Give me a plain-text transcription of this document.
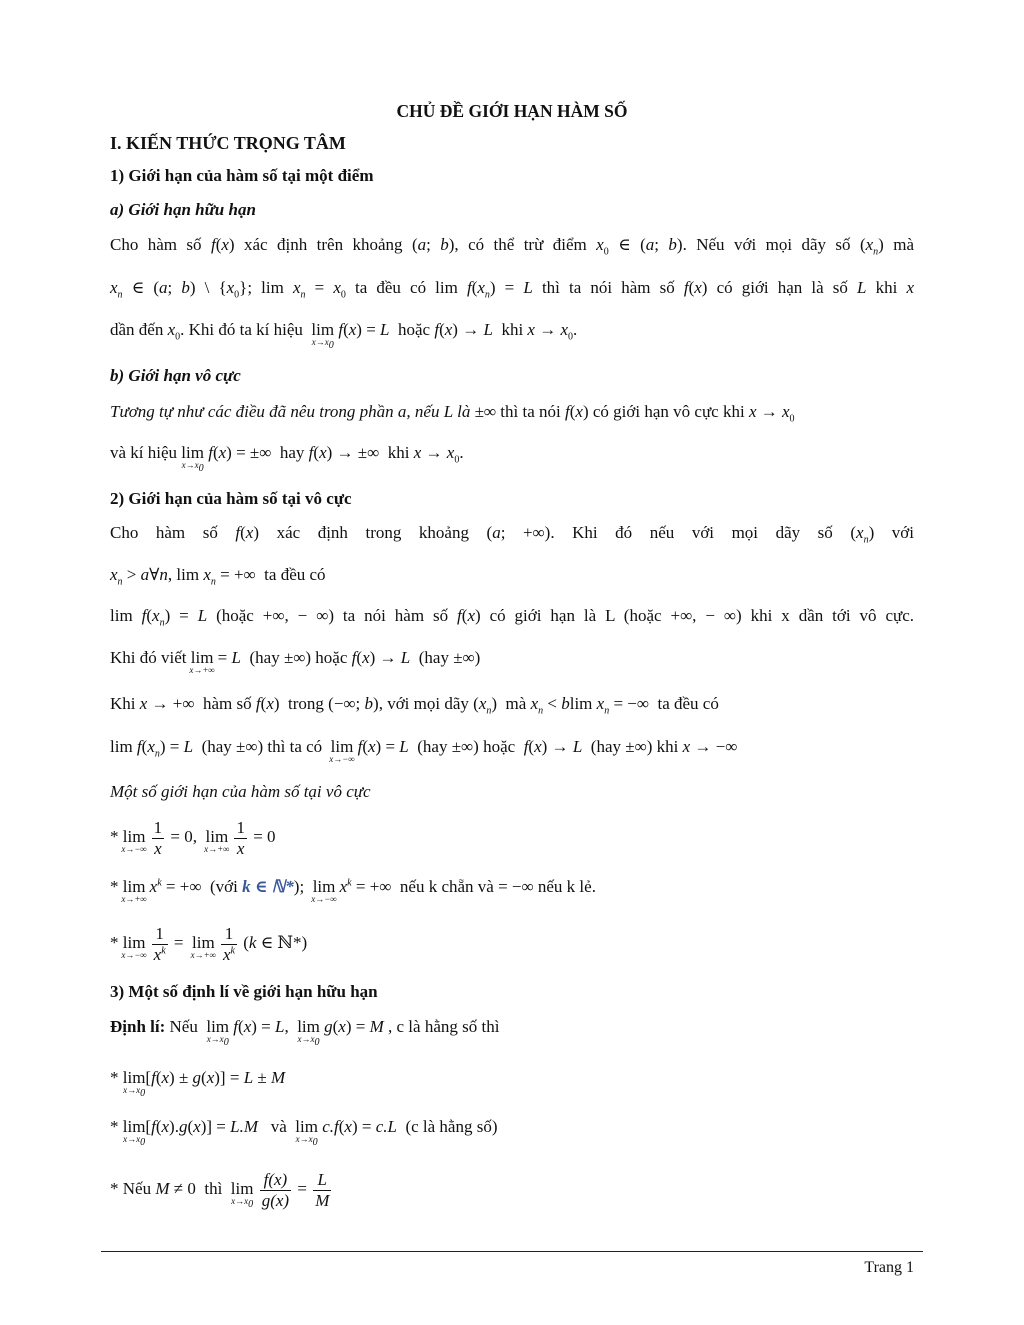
CHỦ ĐỀ GIỚI HẠN HÀM SỐ
I. KIẾN THỨC TRỌNG TÂM
1) Giới hạn của hàm số tại một điểm
a) Giới hạn hữu hạn
Cho hàm số f(x) xác định trên khoảng (a; b), có thể trừ điểm $x_0$ ∈ (a; b). Nếu với mọi dãy số $(x_n)$ mà
$x_n$ ∈ (a; b) \ $\{x_0\}$; $\lim x_n = x_0$ ta đều có $\lim f(x_n) = L$ thì ta nói hàm số f(x) có giới hạn là số L khi x
dần đến $x_0$. Khi đó ta kí hiệu lim
$x\to x_0$
f(x) = L hoặc f(x) → L khi $x \to x_0$.
b) Giới hạn vô cực
Tương tự như các điều đã nêu trong phần a, nếu L là ±∞ thì ta nói f(x) có giới hạn vô cực khi $x \to x_0$
và kí hiệu lim
$x\to x_0$
f(x) = ±∞  hay f(x) → ±∞  khi $x \to x_0$.
2) Giới hạn của hàm số tại vô cực
Cho hàm số f(x) xác định trong khoảng (a; +∞). Khi đó nếu với mọi dãy số $(x_n)$ với
$x_n$ > a∀n, $\lim x_n$ = +∞  ta đều có
$\lim f(x_n) = L$ (hoặc +∞, − ∞) ta nói hàm số f(x) có giới hạn là L (hoặc +∞, − ∞) khi x dần tới vô cực.
Khi đó viết lim
x→+∞
= L (hay ±∞) hoặc f(x) → L (hay ±∞)
Khi x → +∞  hàm số f(x)  trong (−∞; b), với mọi dãy $(x_n)$  mà $x_n < blim$ $x_n$ = −∞  ta đều có
$\lim f(x_n) = L$ (hay ±∞) thì ta có lim
x→−∞
f(x) = L (hay ±∞) hoặc f(x) → L (hay ±∞) khi x → −∞
Một số giới hạn của hàm số tại vô cực
* lim
x→−∞
$\frac{1}{x} = 0$,  lim
x→+∞
$\frac{1}{x} = 0$
* lim
x→+∞
$x^k$ = +∞  (với k ∈ ℕ*); lim
x→−∞
$x^k$ = +∞  nếu k chẵn và = −∞ nếu k lẻ.
* lim
x→−∞
$\frac{1}{x^k} = \lim$
x→+∞
$\frac{1}{x^k} (k$ ∈ ℕ*)
3) Một số định lí về giới hạn hữu hạn
Định lí: Nếu lim
$x\to x_0$
f(x) = L,  lim
$x\to x_0$
g(x) = M , c là hằng số thì
* lim
$x\to x_0$
[f(x) ± g(x)] = L ± M
* lim
$x\to x_0$
[f(x).g(x)] = L.M và lim
$x\to x_0$
c.f(x) = c.L (c là hằng số)
* Nếu M ≠ 0  thì lim
$x\to x_0$
$\frac{f(x)}{g(x)} = \frac{L}{M}$
Trang 1
